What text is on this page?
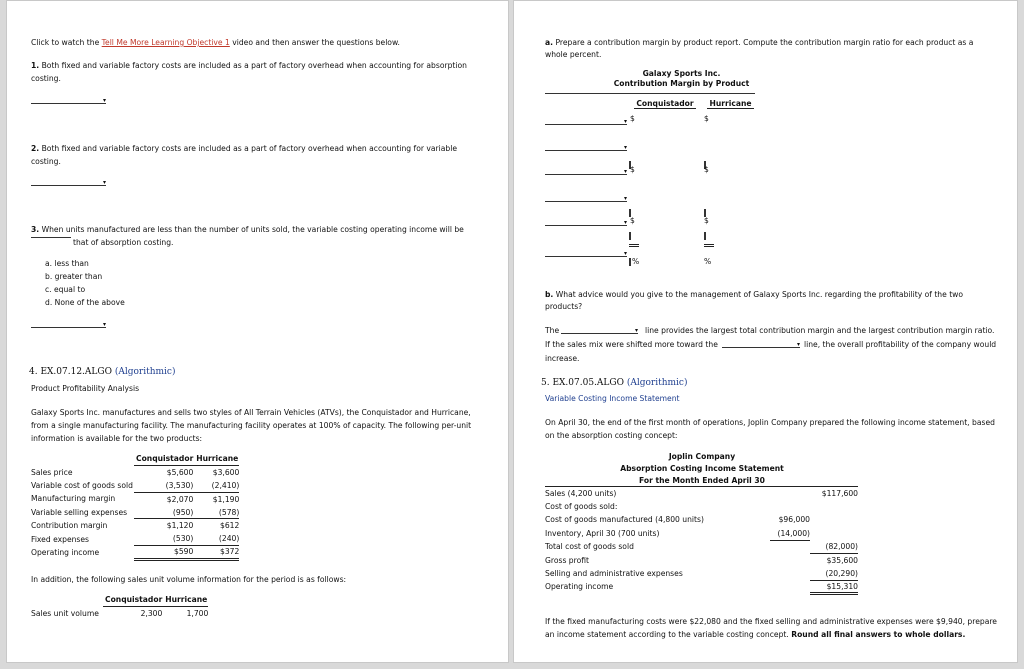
Click to watch the Tell Me More Learning Objective 1 video and then answer the questions below.
1. Both fixed and variable factory costs are included as a part of factory overhead when accounting for absorption
costing.
▾
2. Both fixed and variable factory costs are included as a part of factory overhead when accounting for variable
costing.
▾
3. When units manufactured are less than the number of units sold, the variable costing operating income will be
that of absorption costing.
a. less than
b. greater than
c. equal to
d. None of the above
▾
4. EX.07.12.ALGO (Algorithmic)
Product Profitability Analysis
Galaxy Sports Inc. manufactures and sells two styles of All Terrain Vehicles (ATVs), the Conquistador and Hurricane,
from a single manufacturing facility. The manufacturing facility operates at 100% of capacity. The following per-unit
information is available for the two products:
	Conquistador	Hurricane
Sales price	$5,600	$3,600
Variable cost of goods sold	(3,530)	(2,410)
Manufacturing margin	$2,070	$1,190
Variable selling expenses	(950)	(578)
Contribution margin	$1,120	$612
Fixed expenses	(530)	(240)
Operating income	$590	$372
In addition, the following sales unit volume information for the period is as follows:
	Conquistador	Hurricane
Sales unit volume	2,300	1,700
a. Prepare a contribution margin by product report. Compute the contribution margin ratio for each product as a
whole percent.
Galaxy Sports Inc.
Contribution Margin by Product
Conquistador	Hurricane
▾ $	$
▾
▾ $	$
▾
▾ $	$
▾
%	%
b. What advice would you give to the management of Galaxy Sports Inc. regarding the profitability of the two
products?
The	▾ line provides the largest total contribution margin and the largest contribution margin ratio.
If the sales mix were shifted more toward the	▾ line, the overall profitability of the company would
increase.
5. EX.07.05.ALGO (Algorithmic)
Variable Costing Income Statement
On April 30, the end of the first month of operations, Joplin Company prepared the following income statement, based
on the absorption costing concept:
Joplin Company
Absorption Costing Income Statement
For the Month Ended April 30
Sales (4,200 units)		$117,600
Cost of goods sold:		
Cost of goods manufactured (4,800 units)	$96,000	
Inventory, April 30 (700 units)	(14,000)	
Total cost of goods sold		(82,000)
Gross profit		$35,600
Selling and administrative expenses		(20,290)
Operating income		$15,310
If the fixed manufacturing costs were $22,080 and the fixed selling and administrative expenses were $9,940, prepare
an income statement according to the variable costing concept. Round all final answers to whole dollars.
